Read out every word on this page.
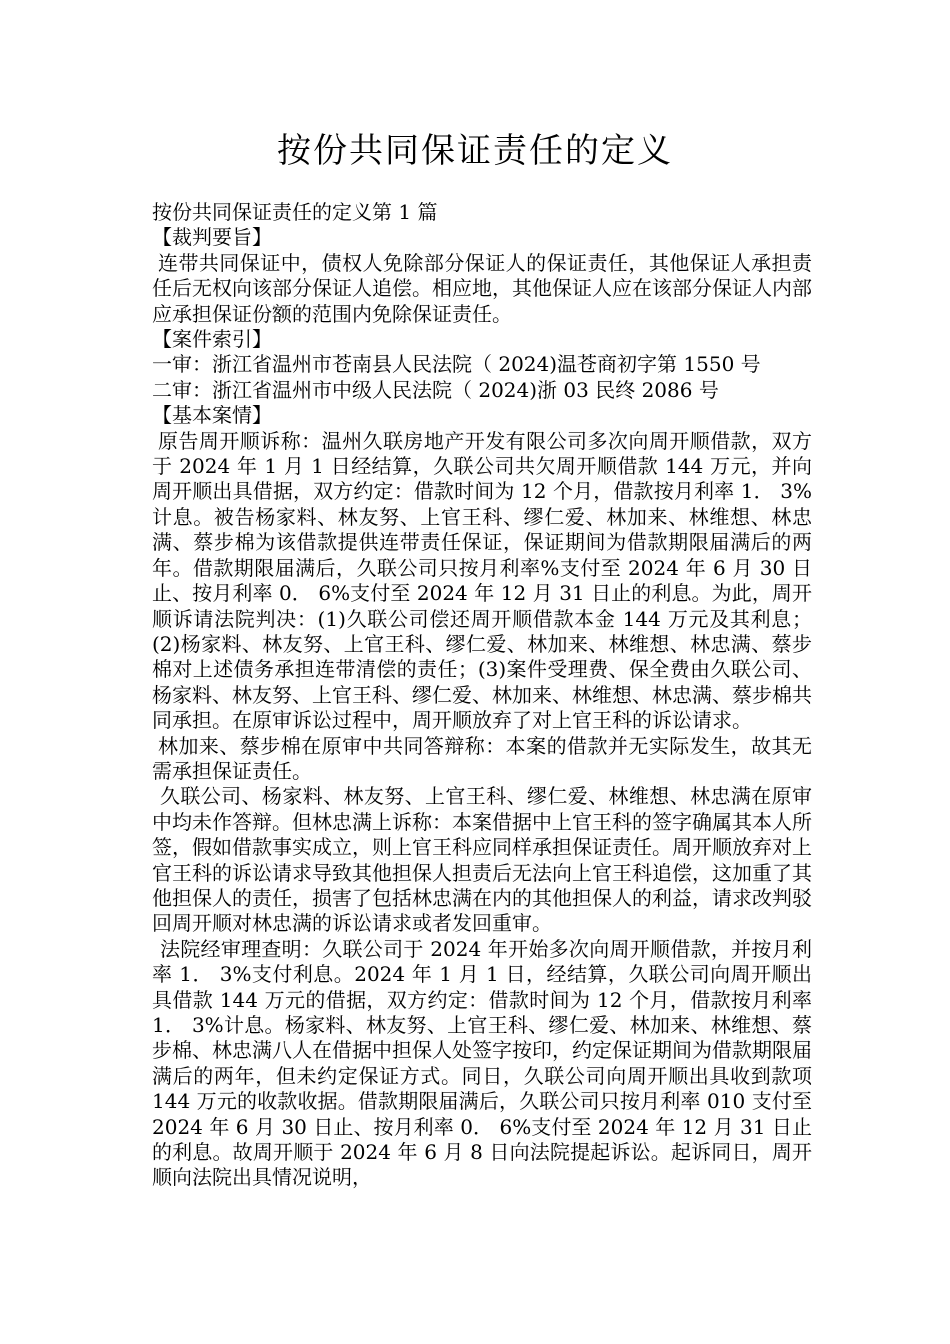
按份共同保证责任的定义

按份共同保证责任的定义第 1 篇

【裁判要旨】

连带共同保证中，债权人免除部分保证人的保证责任，其他保证人承担责任后无权向该部分保证人追偿。相应地，其他保证人应在该部分保证人内部应承担保证份额的范围内免除保证责任。

【案件索引】

一审：浙江省温州市苍南县人民法院（ 2024)温苍商初字第 1550 号

二审：浙江省温州市中级人民法院（ 2024)浙 03 民终 2086 号

【基本案情】

原告周开顺诉称：温州久联房地产开发有限公司多次向周开顺借款，双方于 2024 年 1 月 1 日经结算，久联公司共欠周开顺借款 144 万元，并向周开顺出具借据，双方约定：借款时间为 12 个月，借款按月利率 1． 3%计息。被告杨家料、林友努、上官王科、缪仁爱、林加来、林维想、林忠满、蔡步棉为该借款提供连带责任保证，保证期间为借款期限届满后的两年。借款期限届满后，久联公司只按月利率%支付至 2024 年 6 月 30 日止、按月利率 0． 6%支付至 2024 年 12 月 31 日止的利息。为此，周开顺诉请法院判决：(1)久联公司偿还周开顺借款本金 144 万元及其利息；(2)杨家料、林友努、上官王科、缪仁爱、林加来、林维想、林忠满、蔡步棉对上述债务承担连带清偿的责任；(3)案件受理费、保全费由久联公司、杨家料、林友努、上官王科、缪仁爱、林加来、林维想、林忠满、蔡步棉共同承担。在原审诉讼过程中，周开顺放弃了对上官王科的诉讼请求。

林加来、蔡步棉在原审中共同答辩称：本案的借款并无实际发生，故其无需承担保证责任。

久联公司、杨家料、林友努、上官王科、缪仁爱、林维想、林忠满在原审中均未作答辩。但林忠满上诉称：本案借据中上官王科的签字确属其本人所签，假如借款事实成立，则上官王科应同样承担保证责任。周开顺放弃对上官王科的诉讼请求导致其他担保人担责后无法向上官王科追偿，这加重了其他担保人的责任，损害了包括林忠满在内的其他担保人的利益，请求改判驳回周开顺对林忠满的诉讼请求或者发回重审。

法院经审理查明：久联公司于 2024 年开始多次向周开顺借款，并按月利率 1． 3%支付利息。2024 年 1 月 1 日，经结算，久联公司向周开顺出具借款 144 万元的借据，双方约定：借款时间为 12 个月，借款按月利率 1． 3%计息。杨家料、林友努、上官王科、缪仁爱、林加来、林维想、蔡步棉、林忠满八人在借据中担保人处签字按印，约定保证期间为借款期限届满后的两年，但未约定保证方式。同日，久联公司向周开顺出具收到款项 144 万元的收款收据。借款期限届满后，久联公司只按月利率 010 支付至 2024 年 6 月 30 日止、按月利率 0． 6%支付至 2024 年 12 月 31 日止的利息。故周开顺于 2024 年 6 月 8 日向法院提起诉讼。起诉同日，周开顺向法院出具情况说明，
